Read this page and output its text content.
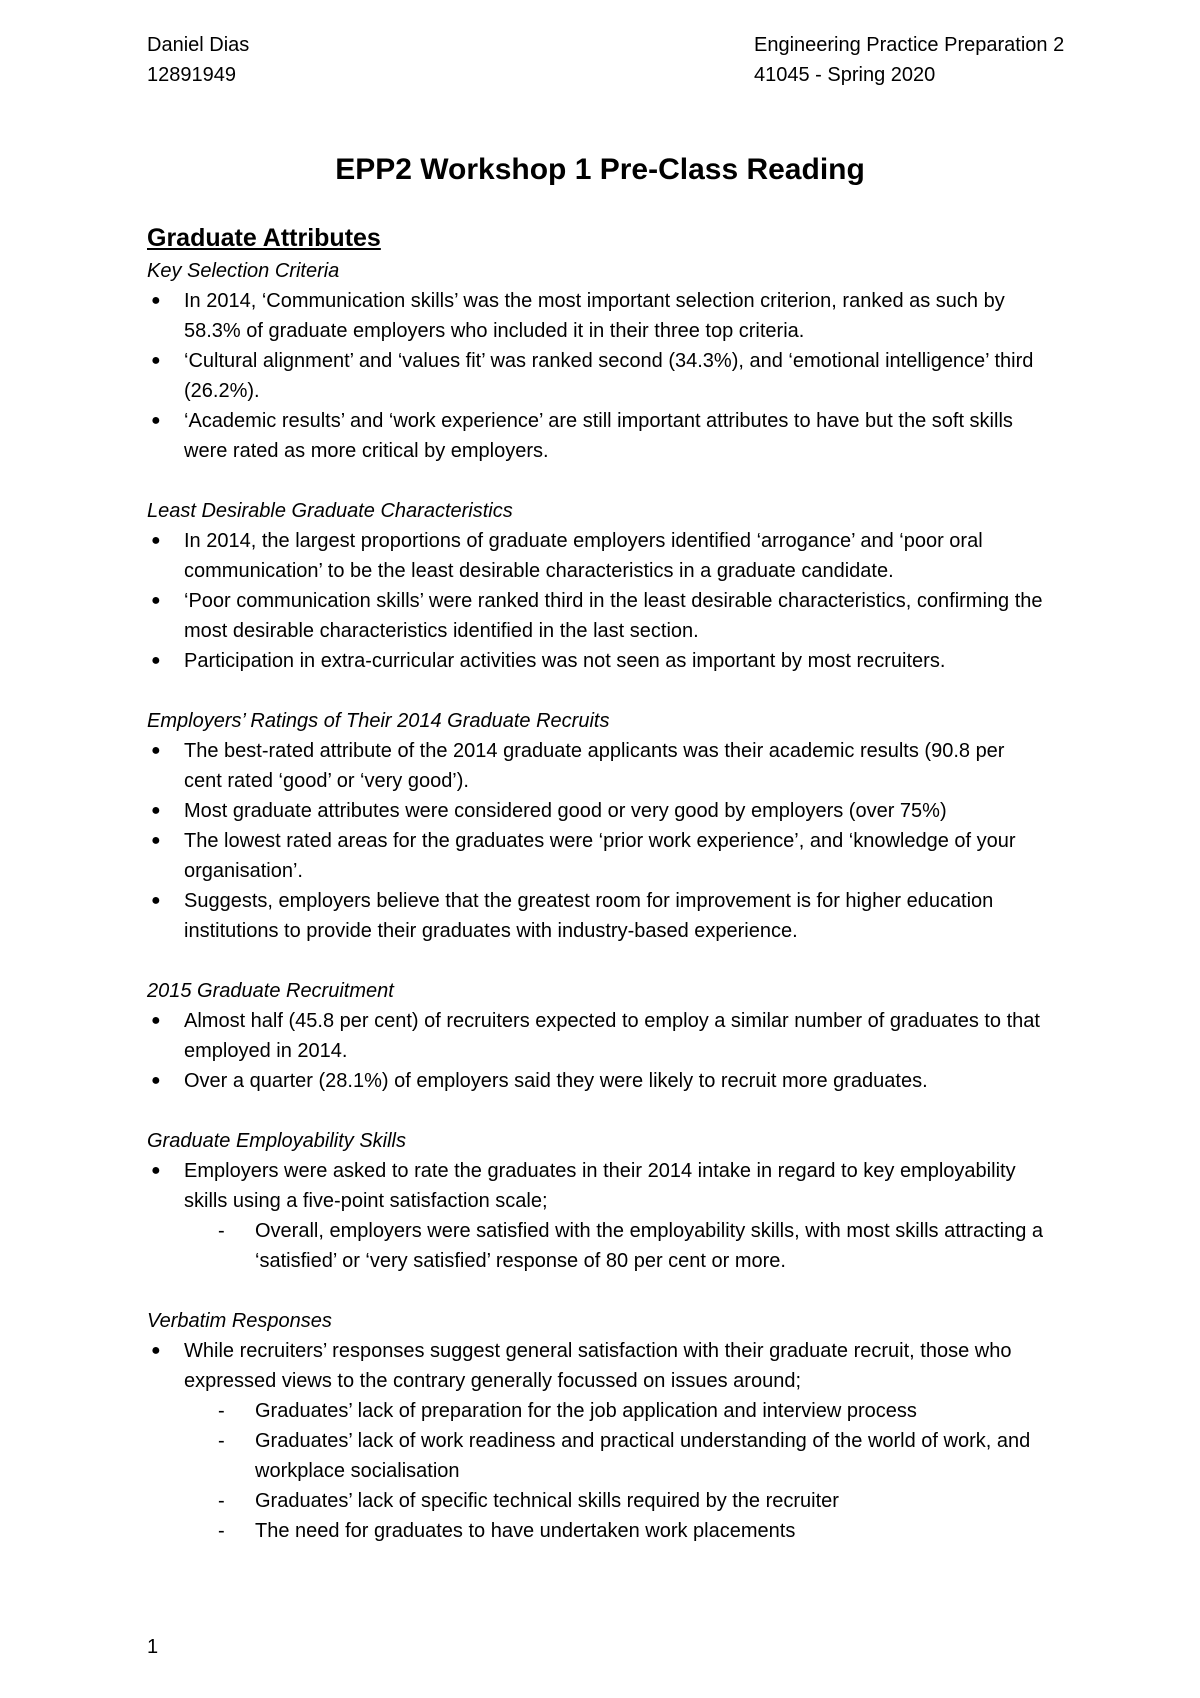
Daniel Dias
12891949
Engineering Practice Preparation 2
41045 - Spring 2020
EPP2 Workshop 1 Pre-Class Reading
Graduate Attributes

Key Selection Criteria

● In 2014, ‘Communication skills’ was the most important selection criterion, ranked as such by 58.3% of graduate employers who included it in their three top criteria.
● ‘Cultural alignment’ and ‘values fit’ was ranked second (34.3%), and ‘emotional intelligence’ third (26.2%).
● ‘Academic results’ and ‘work experience’ are still important attributes to have but the soft skills were rated as more critical by employers.

Least Desirable Graduate Characteristics

● In 2014, the largest proportions of graduate employers identified ‘arrogance’ and ‘poor oral communication’ to be the least desirable characteristics in a graduate candidate.
● ‘Poor communication skills’ were ranked third in the least desirable characteristics, confirming the most desirable characteristics identified in the last section.
● Participation in extra-curricular activities was not seen as important by most recruiters.

Employers’ Ratings of Their 2014 Graduate Recruits

● The best-rated attribute of the 2014 graduate applicants was their academic results (90.8 per cent rated ‘good’ or ‘very good’).
● Most graduate attributes were considered good or very good by employers (over 75%)
● The lowest rated areas for the graduates were ‘prior work experience’, and ‘knowledge of your organisation’.
● Suggests, employers believe that the greatest room for improvement is for higher education institutions to provide their graduates with industry-based experience.

2015 Graduate Recruitment

● Almost half (45.8 per cent) of recruiters expected to employ a similar number of graduates to that employed in 2014.
● Over a quarter (28.1%) of employers said they were likely to recruit more graduates.

Graduate Employability Skills

● Employers were asked to rate the graduates in their 2014 intake in regard to key employability skills using a five-point satisfaction scale;
- Overall, employers were satisfied with the employability skills, with most skills attracting a ‘satisfied’ or ‘very satisfied’ response of 80 per cent or more.

Verbatim Responses

● While recruiters’ responses suggest general satisfaction with their graduate recruit, those who expressed views to the contrary generally focussed on issues around;
- Graduates’ lack of preparation for the job application and interview process
- Graduates’ lack of work readiness and practical understanding of the world of work, and workplace socialisation
- Graduates’ lack of specific technical skills required by the recruiter
- The need for graduates to have undertaken work placements
1
